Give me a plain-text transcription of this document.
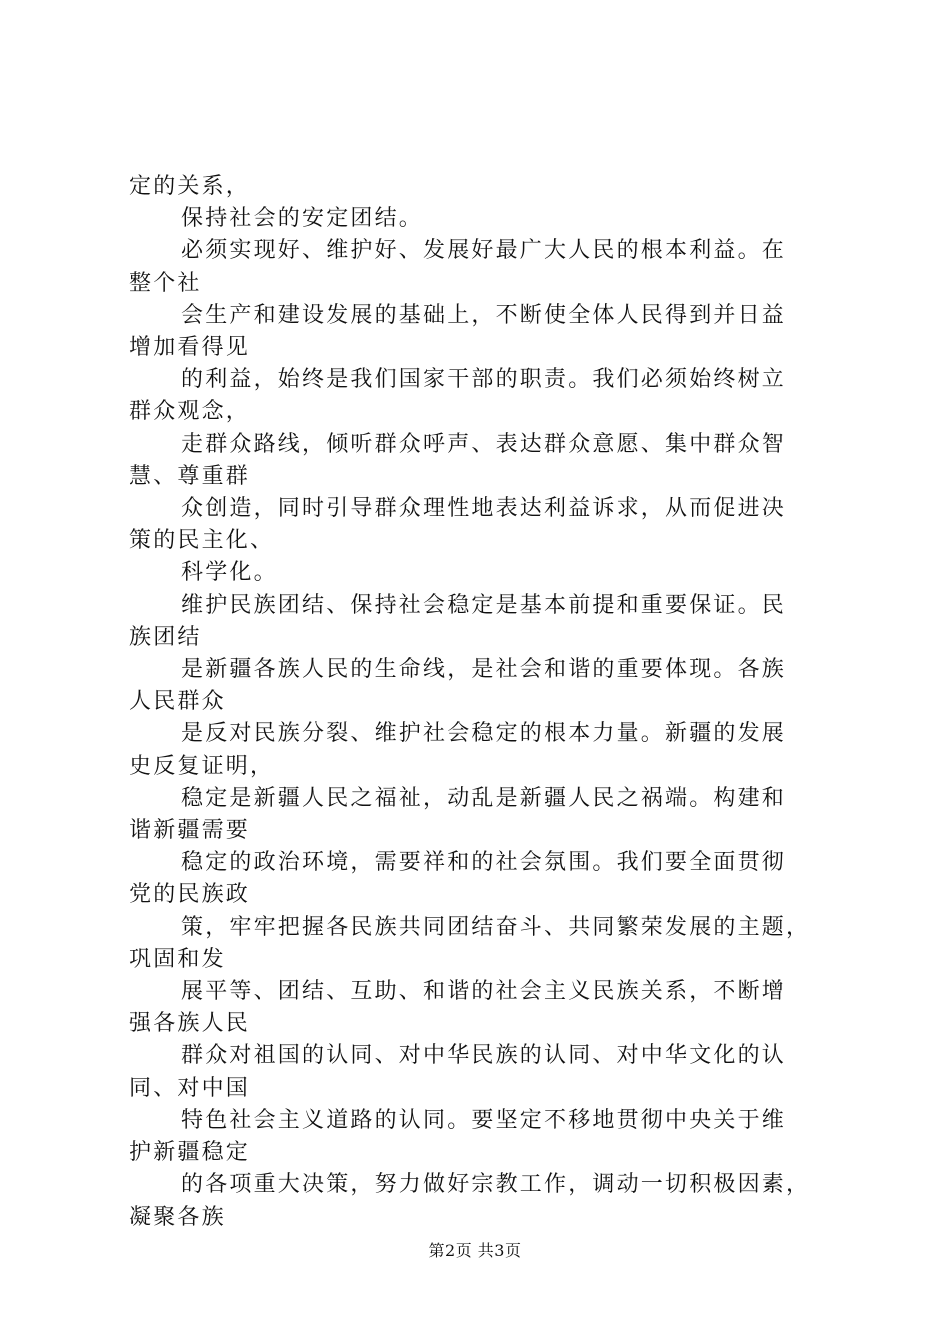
定的关系，
保持社会的安定团结。
必须实现好、维护好、发展好最广大人民的根本利益。在
整个社
会生产和建设发展的基础上，不断使全体人民得到并日益
增加看得见
的利益，始终是我们国家干部的职责。我们必须始终树立
群众观念，
走群众路线，倾听群众呼声、表达群众意愿、集中群众智
慧、尊重群
众创造，同时引导群众理性地表达利益诉求，从而促进决
策的民主化、
科学化。
维护民族团结、保持社会稳定是基本前提和重要保证。民
族团结
是新疆各族人民的生命线，是社会和谐的重要体现。各族
人民群众
是反对民族分裂、维护社会稳定的根本力量。新疆的发展
史反复证明，
稳定是新疆人民之福祉，动乱是新疆人民之祸端。构建和
谐新疆需要
稳定的政治环境，需要祥和的社会氛围。我们要全面贯彻
党的民族政
策，牢牢把握各民族共同团结奋斗、共同繁荣发展的主题，
巩固和发
展平等、团结、互助、和谐的社会主义民族关系，不断增
强各族人民
群众对祖国的认同、对中华民族的认同、对中华文化的认
同、对中国
特色社会主义道路的认同。要坚定不移地贯彻中央关于维
护新疆稳定
的各项重大决策，努力做好宗教工作，调动一切积极因素，
凝聚各族
第2页 共3页
